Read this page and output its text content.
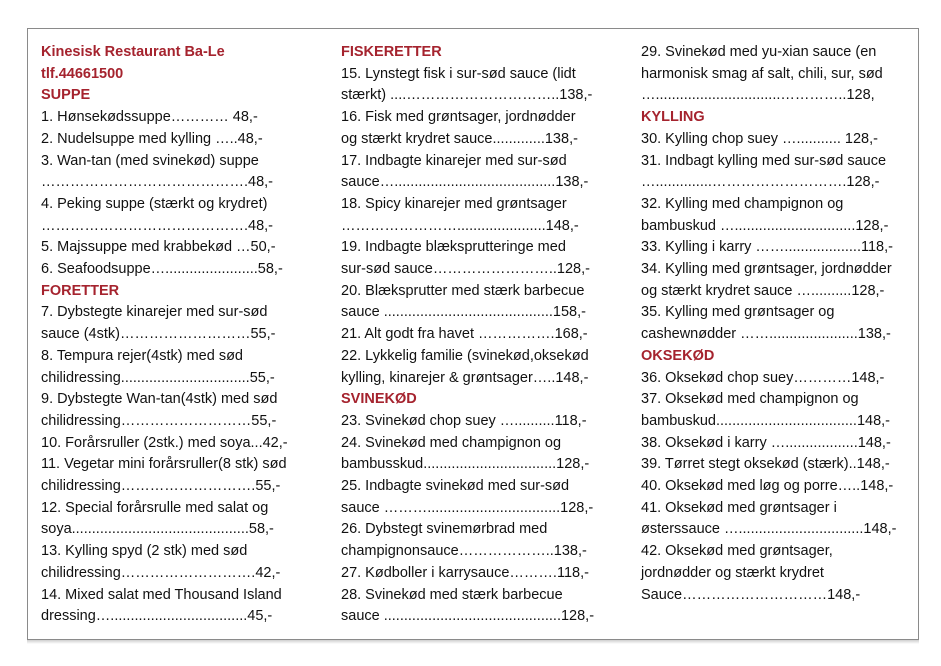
Kinesisk Restaurant Ba-Le
tlf.44661500
SUPPE
1. Hønsekødssuppe………… 48,-
2. Nudelsuppe med kylling …..48,-
3. Wan-tan (med svinekød) suppe
…………………………………….48,-
4. Peking suppe (stærkt og krydret)
…………………………………….48,-
5. Majssuppe med krabbekød …50,-
6. Seafoodsuppe….......................58,-
FORETTER
7. Dybstegte kinarejer med sur-sød
sauce (4stk)………………………55,-
8. Tempura rejer(4stk) med sød
chilidressing................................55,-
9. Dybstegte Wan-tan(4stk) med sød
chilidressing………………………55,-
10. Forårsruller (2stk.) med soya...42,-
11. Vegetar mini forårsruller(8 stk) sød
chilidressing……………………….55,-
12. Special forårsrulle med salat og
soya............................................58,-
13. Kylling spyd (2 stk) med sød
chilidressing……………………….42,-
14. Mixed salat med Thousand Island
dressing…..................................45,-
FISKERETTER
15. Lynstegt fisk i sur-sød sauce (lidt
stærkt) ....…………………………..138,-
16. Fisk med grøntsager, jordnødder
og stærkt krydret sauce.............138,-
17. Indbagte kinarejer med sur-sød
sauce…........................................138,-
18. Spicy kinarejer med grøntsager
……………………......................148,-
19. Indbagte blæksprutteringe med
sur-sød sauce……………………..128,-
20. Blæksprutter med stærk barbecue
sauce ..........................................158,-
21. Alt godt fra havet …………….168,-
22. Lykkelig familie (svinekød,oksekød
kylling, kinarejer & grøntsager…..148,-
SVINEKØD
23. Svinekød chop suey …..........118,-
24. Svinekød med champignon og
bambusskud.................................128,-
25. Indbagte svinekød med sur-sød
sauce ……….................................128,-
26. Dybstegt svinemørbrad med
champignonsauce………………..138,-
27. Kødboller i karrysauce……….118,-
28. Svinekød med stærk barbecue
sauce ............................................128,-
29. Svinekød med yu-xian sauce (en
harmonisk smag af salt, chili, sur, sød
…...............................…………..128,
KYLLING
30. Kylling chop suey …........... 128,-
31. Indbagt kylling med sur-sød sauce
…..............……………………….128,-
32. Kylling med champignon og
bambuskud …..............................128,-
33. Kylling i karry ……...................118,-
34. Kylling med grøntsager, jordnødder
og stærkt krydret sauce …..........128,-
35. Kylling med grøntsager og
cashewnødder ……......................138,-
OKSEKØD
36. Oksekød chop suey…………148,-
37. Oksekød med champignon og
bambuskud...................................148,-
38. Oksekød i karry …..................148,-
39. Tørret stegt oksekød (stærk)..148,-
40. Oksekød med løg og porre…..148,-
41. Oksekød med grøntsager i
østerssauce …...............................148,-
42. Oksekød med grøntsager,
jordnødder og stærkt krydret
Sauce…………………………148,-
